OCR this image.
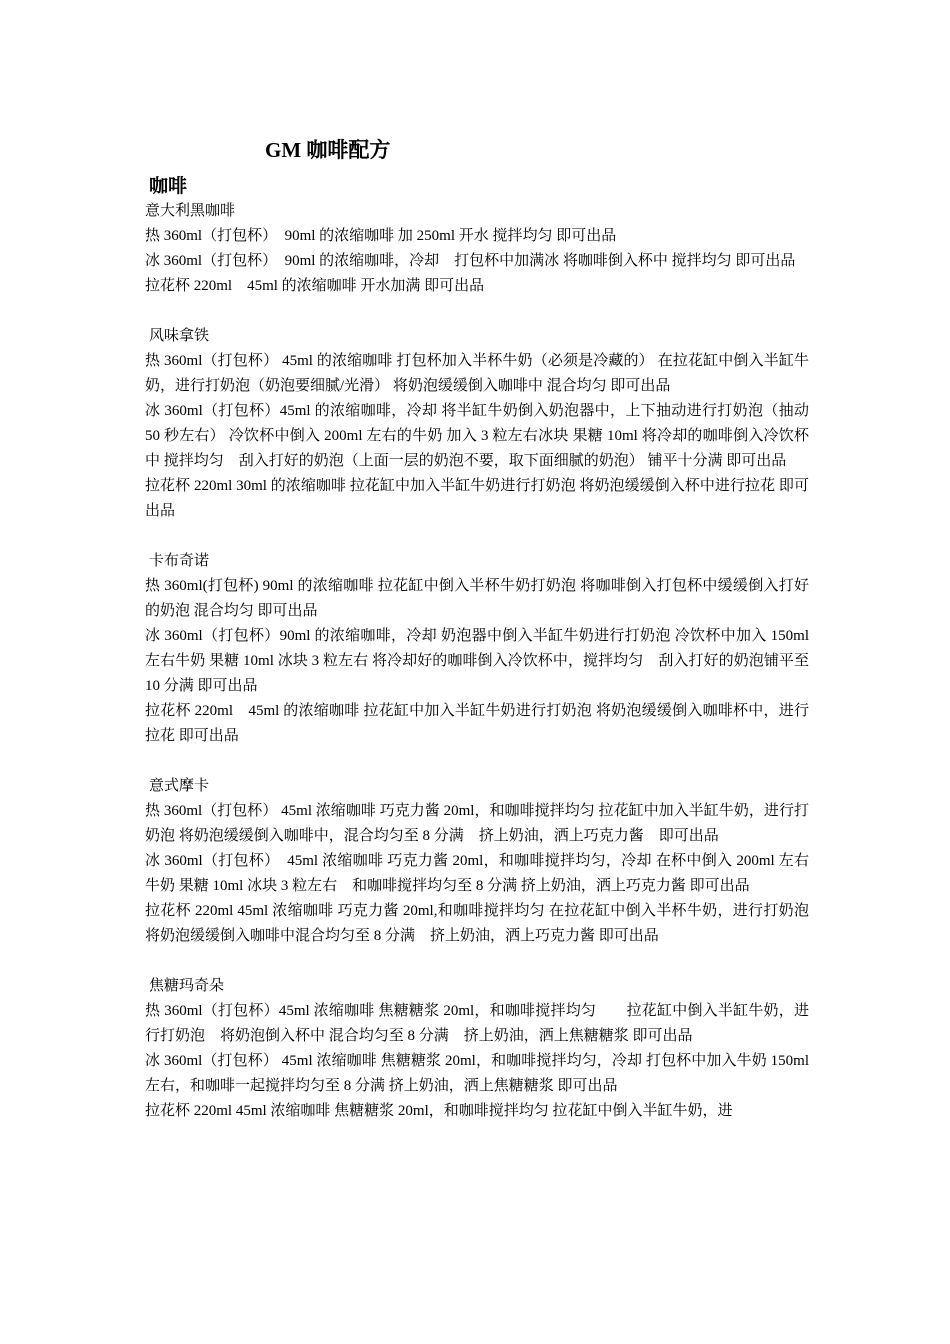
GM 咖啡配方
咖啡

意大利黑咖啡

热 360ml（打包杯）　90ml 的浓缩咖啡 加 250ml 开水 搅拌均匀 即可出品

冰 360ml（打包杯）　90ml 的浓缩咖啡，冷却　打包杯中加满冰 将咖啡倒入杯中 搅拌均匀 即可出品

拉花杯 220ml　45ml 的浓缩咖啡 开水加满 即可出品

风味拿铁

热 360ml（打包杯） 45ml 的浓缩咖啡 打包杯加入半杯牛奶（必须是冷藏的） 在拉花缸中倒入半缸牛奶，进行打奶泡（奶泡要细腻/光滑） 将奶泡缓缓倒入咖啡中 混合均匀 即可出品

冰 360ml（打包杯）45ml 的浓缩咖啡，冷却 将半缸牛奶倒入奶泡器中，上下抽动进行打奶泡（抽动 50 秒左右） 冷饮杯中倒入 200ml 左右的牛奶 加入 3 粒左右冰块 果糖 10ml 将冷却的咖啡倒入冷饮杯中 搅拌均匀　刮入打好的奶泡（上面一层的奶泡不要，取下面细腻的奶泡） 铺平十分满 即可出品

拉花杯 220ml 30ml 的浓缩咖啡 拉花缸中加入半缸牛奶进行打奶泡 将奶泡缓缓倒入杯中进行拉花 即可出品

卡布奇诺

热 360ml(打包杯) 90ml 的浓缩咖啡 拉花缸中倒入半杯牛奶打奶泡 将咖啡倒入打包杯中缓缓倒入打好的奶泡 混合均匀 即可出品

冰 360ml（打包杯）90ml 的浓缩咖啡，冷却 奶泡器中倒入半缸牛奶进行打奶泡 冷饮杯中加入 150ml 左右牛奶 果糖 10ml 冰块 3 粒左右 将冷却好的咖啡倒入冷饮杯中，搅拌均匀　刮入打好的奶泡铺平至 10 分满 即可出品

拉花杯 220ml　45ml 的浓缩咖啡 拉花缸中加入半缸牛奶进行打奶泡 将奶泡缓缓倒入咖啡杯中，进行拉花 即可出品

意式摩卡

热 360ml（打包杯） 45ml 浓缩咖啡 巧克力酱 20ml，和咖啡搅拌均匀 拉花缸中加入半缸牛奶，进行打奶泡 将奶泡缓缓倒入咖啡中，混合均匀至 8 分满　挤上奶油，洒上巧克力酱　即可出品

冰 360ml（打包杯）　45ml 浓缩咖啡 巧克力酱 20ml，和咖啡搅拌均匀，冷却 在杯中倒入 200ml 左右牛奶 果糖 10ml 冰块 3 粒左右　和咖啡搅拌均匀至 8 分满 挤上奶油，洒上巧克力酱 即可出品

拉花杯 220ml 45ml 浓缩咖啡 巧克力酱 20ml,和咖啡搅拌均匀 在拉花缸中倒入半杯牛奶，进行打奶泡　将奶泡缓缓倒入咖啡中混合均匀至 8 分满　挤上奶油，洒上巧克力酱 即可出品

焦糖玛奇朵

热 360ml（打包杯）45ml 浓缩咖啡 焦糖糖浆 20ml，和咖啡搅拌均匀　　拉花缸中倒入半缸牛奶，进行打奶泡　将奶泡倒入杯中 混合均匀至 8 分满　挤上奶油，洒上焦糖糖浆 即可出品

冰 360ml（打包杯） 45ml 浓缩咖啡 焦糖糖浆 20ml，和咖啡搅拌均匀，冷却 打包杯中加入牛奶 150ml 左右，和咖啡一起搅拌均匀至 8 分满 挤上奶油，洒上焦糖糖浆 即可出品

拉花杯 220ml 45ml 浓缩咖啡 焦糖糖浆 20ml，和咖啡搅拌均匀 拉花缸中倒入半缸牛奶，进
